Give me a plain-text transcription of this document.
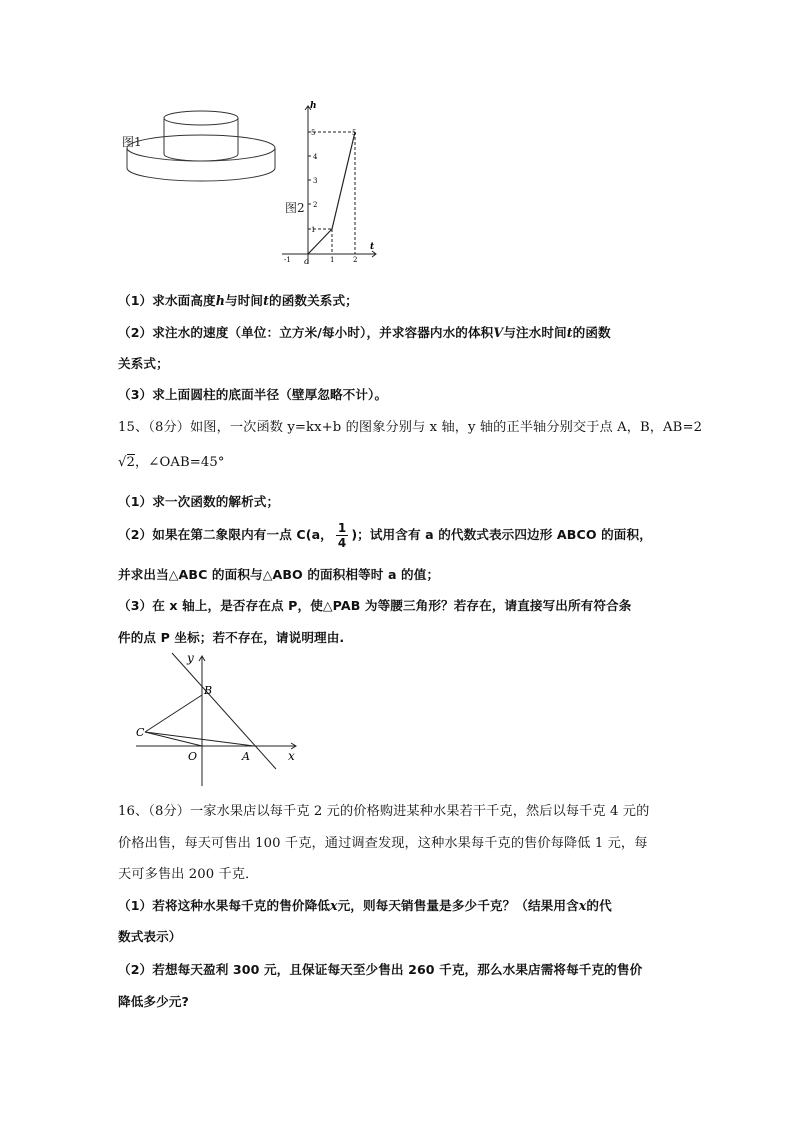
图1
h
t
o
5	5
4
3
2
1
-1	1	2
图2
（1）求水面高度h与时间t的函数关系式；
（2）求注水的速度（单位：立方米/每小时），并求容器内水的体积V与注水时间t的函数
关系式；
（3）求上面圆柱的底面半径（壁厚忽略不计）。
15、（8分）如图，一次函数 y=kx+b 的图象分别与 x 轴，y 轴的正半轴分别交于点 A，B，AB=2
√2，∠OAB=45°
（1）求一次函数的解析式；
（2）如果在第二象限内有一点 C(a， $\frac{1}{4}$ )；试用含有 a 的代数式表示四边形 ABCO 的面积，
并求出当△ABC 的面积与△ABO 的面积相等时 a 的值；
（3）在 x 轴上，是否存在点 P，使△PAB 为等腰三角形？若存在，请直接写出所有符合条
件的点 P 坐标；若不存在，请说明理由.
y
x
B
C
O	A
16、（8分）一家水果店以每千克 2 元的价格购进某种水果若干千克，然后以每千克 4 元的
价格出售，每天可售出 100 千克，通过调查发现，这种水果每千克的售价每降低 1 元，每
天可多售出 200 千克．
（1）若将这种水果每千克的售价降低x元，则每天销售量是多少千克？（结果用含x的代
数式表示）
（2）若想每天盈利 300 元，且保证每天至少售出 260 千克，那么水果店需将每千克的售价
降低多少元?
